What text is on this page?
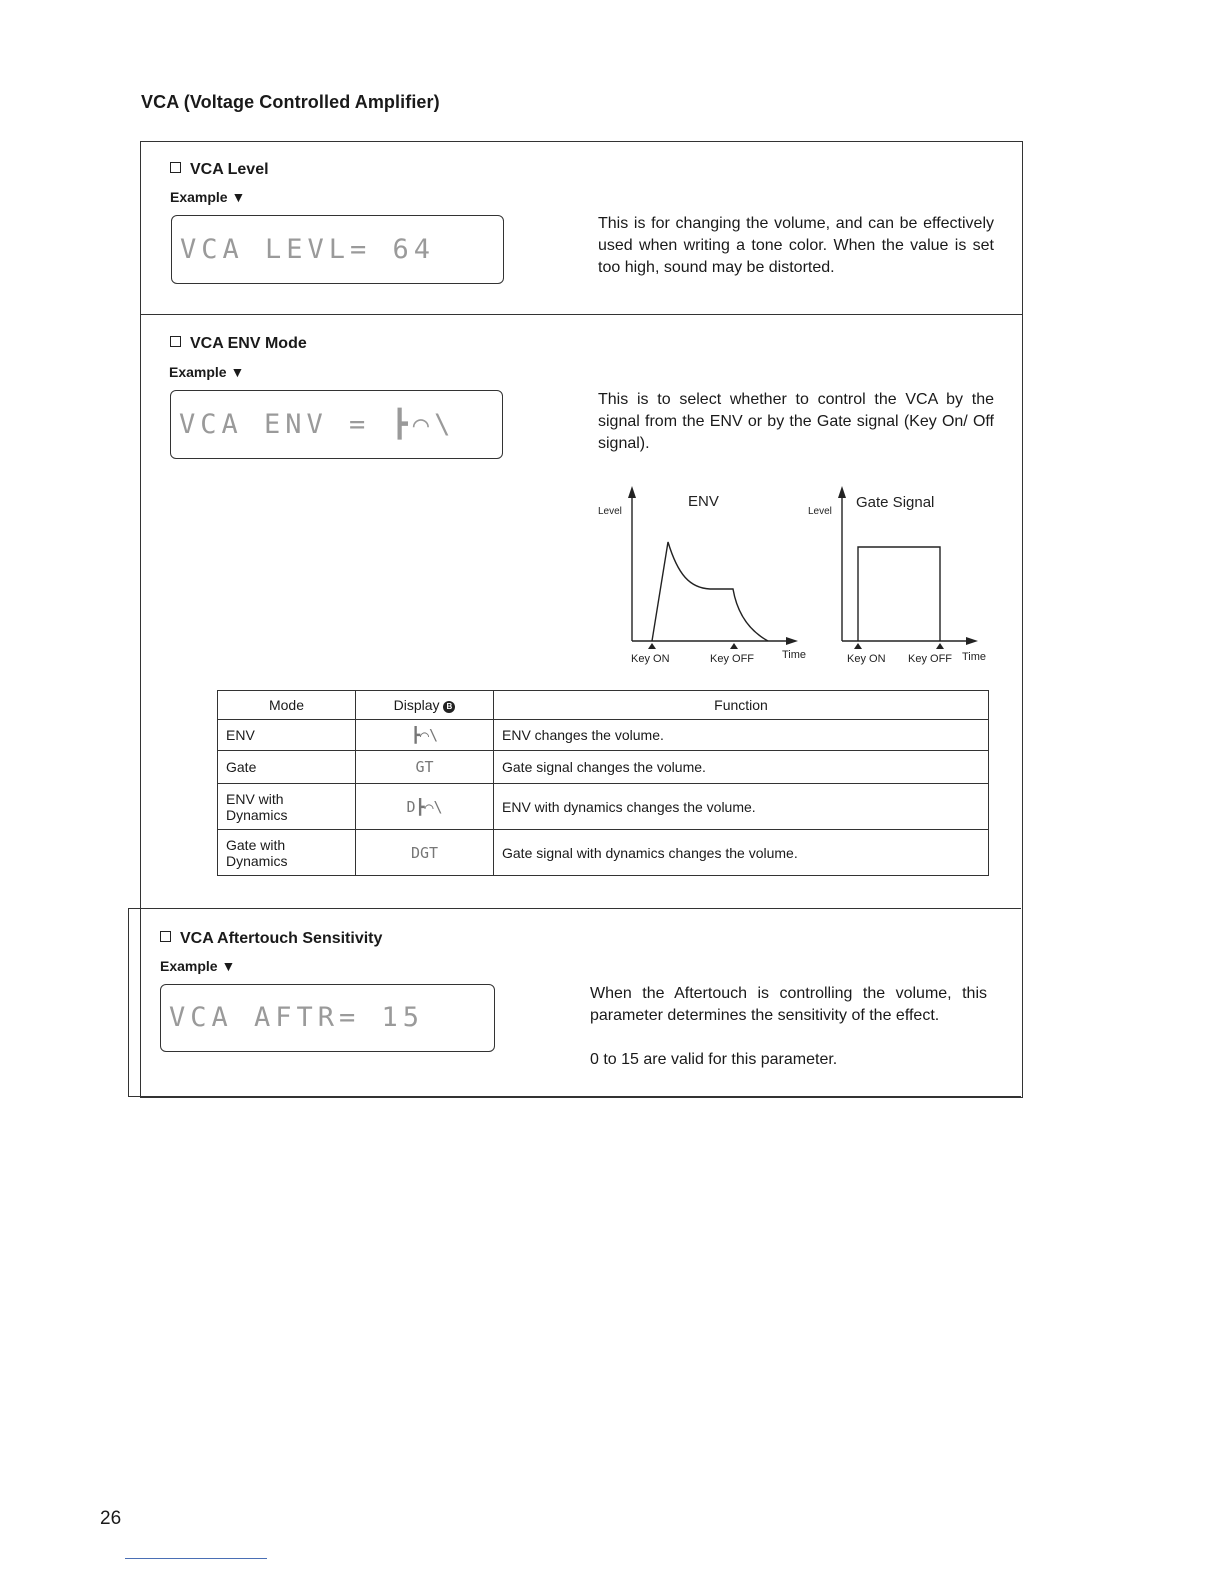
VCA (Voltage Controlled Amplifier)
VCA Level
Example ▼
VCA LEVL= 64
This is for changing the volume, and can be effectively used when writing a tone color. When the value is set too high, sound may be distorted.
VCA ENV Mode
Example ▼
VCA ENV = ┣⌒\
This is to select whether to control the VCA by the signal from the ENV or by the Gate signal (Key On/ Off signal).
ENV
Level
Key ON	Key OFF	Time
Gate Signal
Level
Key ON Key OFF Time
Mode	Display B	Function
ENV	┣⌒\	ENV changes the volume.
Gate	GT	Gate signal changes the volume.
ENV with Dynamics	D┣⌒\	ENV with dynamics changes the volume.
Gate with Dynamics	DGT	Gate signal with dynamics changes the volume.
VCA Aftertouch Sensitivity
Example ▼
VCA AFTR= 15
When the Aftertouch is controlling the volume, this parameter determines the sensitivity of the effect.
0 to 15 are valid for this parameter.
26
